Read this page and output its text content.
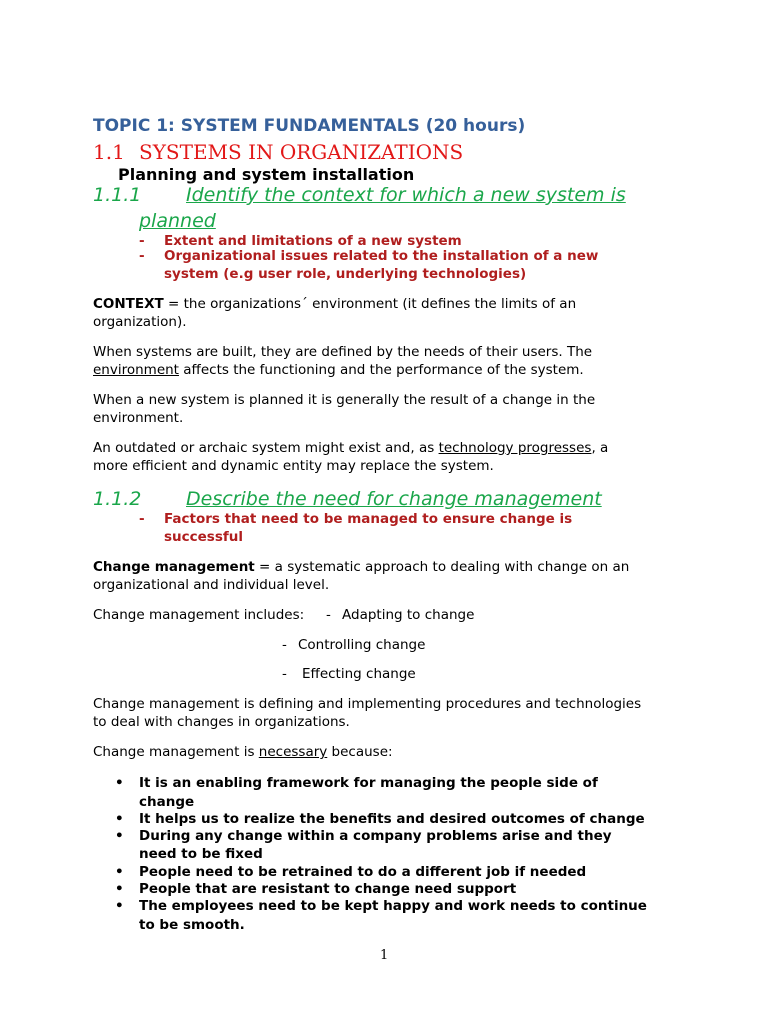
TOPIC 1: SYSTEM FUNDAMENTALS (20 hours)
1.1 SYSTEMS IN ORGANIZATIONS
Planning and system installation
1.1.1 Identify the context for which a new system is
planned
- Extent and limitations of a new system
- Organizational issues related to the installation of a new
system (e.g user role, underlying technologies)
CONTEXT = the organizations´ environment (it defines the limits of an
organization).
When systems are built, they are defined by the needs of their users. The
environment affects the functioning and the performance of the system.
When a new system is planned it is generally the result of a change in the
environment.
An outdated or archaic system might exist and, as technology progresses, a
more efficient and dynamic entity may replace the system.
1.1.2 Describe the need for change management
- Factors that need to be managed to ensure change is
successful
Change management = a systematic approach to dealing with change on an
organizational and individual level.
Change management includes: - Adapting to change
- Controlling change
- Effecting change
Change management is defining and implementing procedures and technologies
to deal with changes in organizations.
Change management is necessary because:
• It is an enabling framework for managing the people side of
change
• It helps us to realize the benefits and desired outcomes of change
• During any change within a company problems arise and they
need to be fixed
• People need to be retrained to do a different job if needed
• People that are resistant to change need support
• The employees need to be kept happy and work needs to continue
to be smooth.
1
